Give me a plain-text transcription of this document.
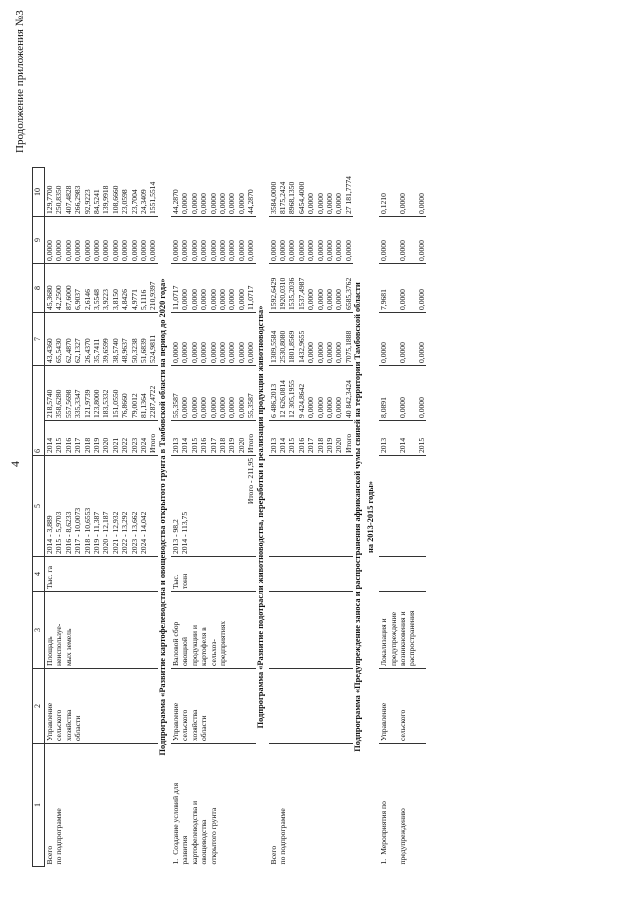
4
Продолжение приложения №3
1	2	3	4	5	6		7	8	9	10
Всего	Управление	Площадь	Тыс. га	2014 - 3,889	2014	218,5740	43,4360	45,3680	0,0000	129,7700
по подпрограмме	сельского	неиспользуе-		2015 - 5,9703	2015	358,6280	65,5430	42,2500	0,0000	250,8350
	хозяйства	мых земель		2016 - 8,6233	2016	557,5698	62,4870	87,6000	0,0000	407,4828
	области			2017 - 10,0073	2017	335,3347	62,1327	6,9037	0,0000	266,2983
				2018 - 10,6553	2018	121,9739	26,4370	2,6146	0,0000	92,9223
				2019 - 11,387	2019	123,8000	35,7411	3,5548	0,0000	84,5241
				2020 - 12,187	2020	183,5332	39,6599	3,9223	0,0000	139,9918
				2021 - 12,932	2021	151,0550	38,5740	3,8150	0,0000	108,6660
				2022 - 13,292	2022	76,8660	48,9637	4,8426	0,0000	23,0598
				2023 - 13,662	2023	79,0012	50,3238	4,9771	0,0000	23,7004
				2024 - 14,042	2024	81,1364	51,6839	5,1116	0,0000	24,3409
					Итого	2287,4722	524,9811	210,9397	0,0000	1551,5514
Подпрограмма «Развитие картофелеводства и овощеводства открытого грунта в Тамбовской области на период до 2020 года»										
1.Создание условий для	Управление	Валовой сбор	Тыс.	2013 - 98,2	2013	55,3587	0,0000	11,0717	0,0000	44,2870
развития	сельского	овощной	тонн	2014 - 113,75	2014	0,0000	0,0000	0,0000	0,0000	0,0000
картофелеводства и	хозяйства	продукции и			2015	0,0000	0,0000	0,0000	0,0000	0,0000
овощеводства	области	картофеля в			2016	0,0000	0,0000	0,0000	0,0000	0,0000
открытого грунта		сельхоз-			2017	0,0000	0,0000	0,0000	0,0000	0,0000
		предприятиях			2018	0,0000	0,0000	0,0000	0,0000	0,0000
					2019	0,0000	0,0000	0,0000	0,0000	0,0000
					2020	0,0000	0,0000	0,0000	0,0000	0,0000
				Итого - 211,95	Итого	55,3587	0,0000	11,0717	0,0000	44,2870
Подпрограмма «Развитие подотрасли животноводства, переработки и реализации продукции животноводства»										
Всего					2013	6 486,2013	1309,5584	1592,6429	0,0000	3584,0000
по подпрограмме					2014	12 626,0814	2530,8080	1920,0310	0,0000	8175,2424
					2015	12 305,1955	1801,8569	1535,2036	0,0000	8968,1350
					2016	9 424,8642	1432,9655	1537,4987	0,0000	6454,4000
					2017	0,0000	0,0000	0,0000	0,0000	0,0000
					2018	0,0000	0,0000	0,0000	0,0000	0,0000
					2019	0,0000	0,0000	0,0000	0,0000	0,0000
					2020	0,0000	0,0000	0,0000	0,0000	0,0000
					Итого	40 842,3424	7075,1888	6585,3762	0,0000	27 181,7774
Подпрограмма «Предупреждение заноса и распространения африканской чумы свиней на территории Тамбовской области										
на 2013-2015 годы»										
1.Мероприятия по	Управление	Локализация и предупреждение			2013	8,0891	0,0000	7,9681	0,0000	0,1210
предупреждению	сельского	возникновения и распространения			2014	0,0000	0,0000	0,0000	0,0000	0,0000
					2015	0,0000	0,0000	0,0000	0,0000	0,0000
